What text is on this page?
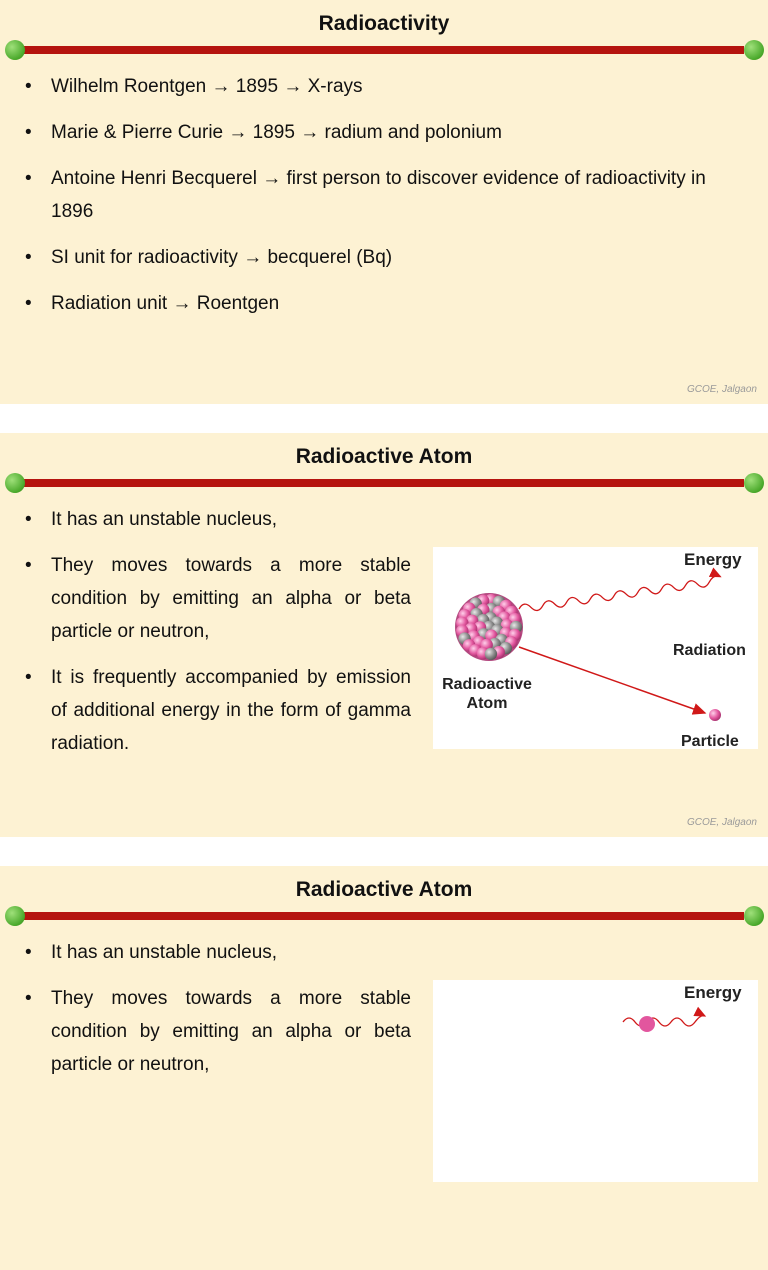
Radioactivity
• Wilhelm Roentgen → 1895 → X-rays
• Marie & Pierre Curie → 1895 → radium and polonium
• Antoine Henri Becquerel → first person to discover evidence of radioactivity in 1896
• SI unit for radioactivity → becquerel (Bq)
• Radiation unit → Roentgen
GCOE, Jalgaon
Radioactive Atom
• It has an unstable nucleus,
• They moves towards a more stable condition by emitting an alpha or beta particle or neutron,
• It is frequently accompanied by emission of additional energy in the form of gamma radiation.
Energy
Radiation
Radioactive
Atom
Particle
GCOE, Jalgaon
Radioactive Atom
• It has an unstable nucleus,
• They moves towards a more stable condition by emitting an alpha or beta particle or neutron,
Energy
